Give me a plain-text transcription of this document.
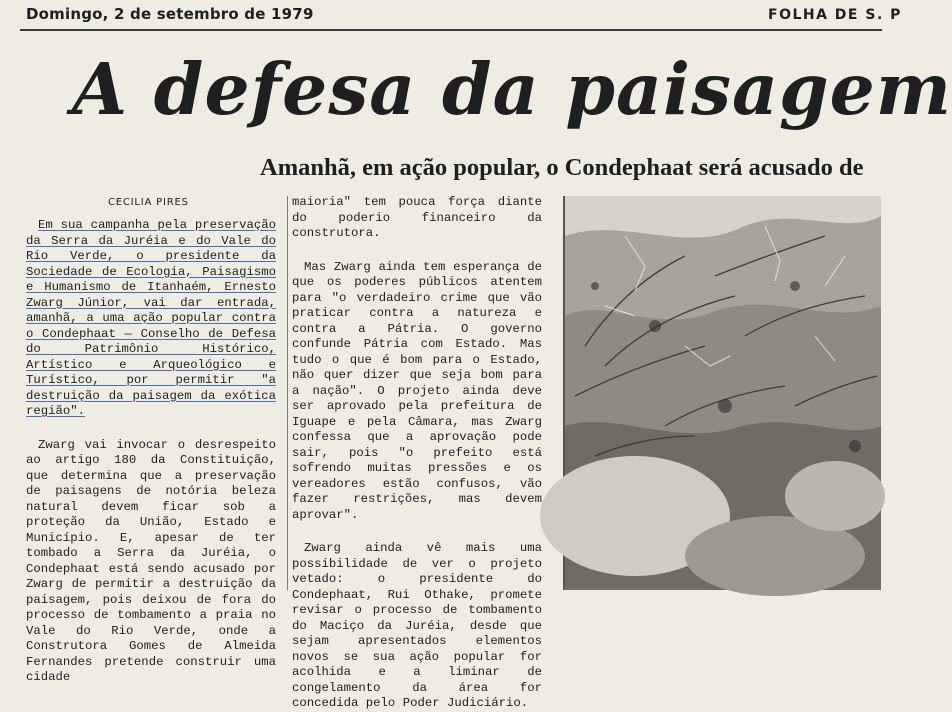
Domingo, 2 de setembro de 1979	FOLHA DE S. P
A defesa da paisagem
Amanhã, em ação popular, o Condephaat será acusado de
CECILIA PIRES

Em sua campanha pela preservação da Serra da Juréia e do Vale do Rio Verde, o presidente da Sociedade de Ecologia, Paisagismo e Humanismo de Itanhaém, Ernesto Zwarg Júnior, vai dar entrada, amanhã, a uma ação popular contra o Condephaat — Conselho de Defesa do Patrimônio Histórico, Artístico e Arqueológico e Turístico, por permitir "a destruição da paisagem da exótica região".

Zwarg vai invocar o desrespeito ao artigo 180 da Constituição, que determina que a preservação de paisagens de notória beleza natural devem ficar sob a proteção da União, Estado e Município. E, apesar de ter tombado a Serra da Juréia, o Condephaat está sendo acusado por Zwarg de permitir a destruição da paisagem, pois deixou de fora do processo de tombamento a praia no Vale do Rio Verde, onde a Construtora Gomes de Almeida Fernandes pretende construir uma cidade

maioria" tem pouca força diante do poderio financeiro da construtora.

Mas Zwarg ainda tem esperança de que os poderes públicos atentem para "o verdadeiro crime que vão praticar contra a natureza e contra a Pátria. O governo confunde Pátria com Estado. Mas tudo o que é bom para o Estado, não quer dizer que seja bom para a nação". O projeto ainda deve ser aprovado pela prefeitura de Iguape e pela Câmara, mas Zwarg confessa que a aprovação pode sair, pois "o prefeito está sofrendo muitas pressões e os vereadores estão confusos, vão fazer restrições, mas devem aprovar".

Zwarg ainda vê mais uma possibilidade de ver o projeto vetado: o presidente do Condephaat, Rui Othake, promete revisar o processo de tombamento do Maciço da Juréia, desde que sejam apresentados elementos novos se sua ação popular for acolhida e a liminar de congelamento da área for concedida pelo Poder Judiciário.
